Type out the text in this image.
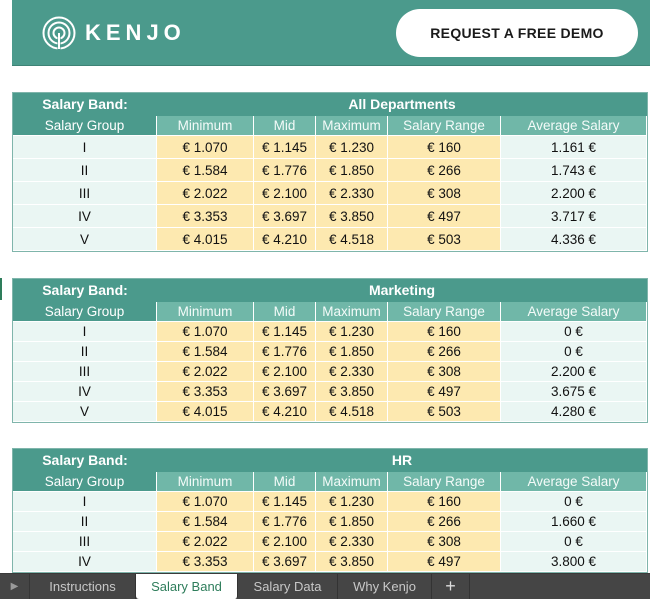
KENJO	REQUEST A FREE DEMO
Salary Band:	All Departments
Salary Group	Minimum	Mid	Maximum	Salary Range	Average Salary
I	€ 1.070	€ 1.145	€ 1.230	€ 160	1.161 €
II	€ 1.584	€ 1.776	€ 1.850	€ 266	1.743 €
III	€ 2.022	€ 2.100	€ 2.330	€ 308	2.200 €
IV	€ 3.353	€ 3.697	€ 3.850	€ 497	3.717 €
V	€ 4.015	€ 4.210	€ 4.518	€ 503	4.336 €
Salary Band:	Marketing
Salary Group	Minimum	Mid	Maximum	Salary Range	Average Salary
I	€ 1.070	€ 1.145	€ 1.230	€ 160	0 €
II	€ 1.584	€ 1.776	€ 1.850	€ 266	0 €
III	€ 2.022	€ 2.100	€ 2.330	€ 308	2.200 €
IV	€ 3.353	€ 3.697	€ 3.850	€ 497	3.675 €
V	€ 4.015	€ 4.210	€ 4.518	€ 503	4.280 €
Salary Band:	HR
Salary Group	Minimum	Mid	Maximum	Salary Range	Average Salary
I	€ 1.070	€ 1.145	€ 1.230	€ 160	0 €
II	€ 1.584	€ 1.776	€ 1.850	€ 266	1.660 €
III	€ 2.022	€ 2.100	€ 2.330	€ 308	0 €
IV	€ 3.353	€ 3.697	€ 3.850	€ 497	3.800 €
▶	Instructions	Salary Band	Salary Data	Why Kenjo	+
